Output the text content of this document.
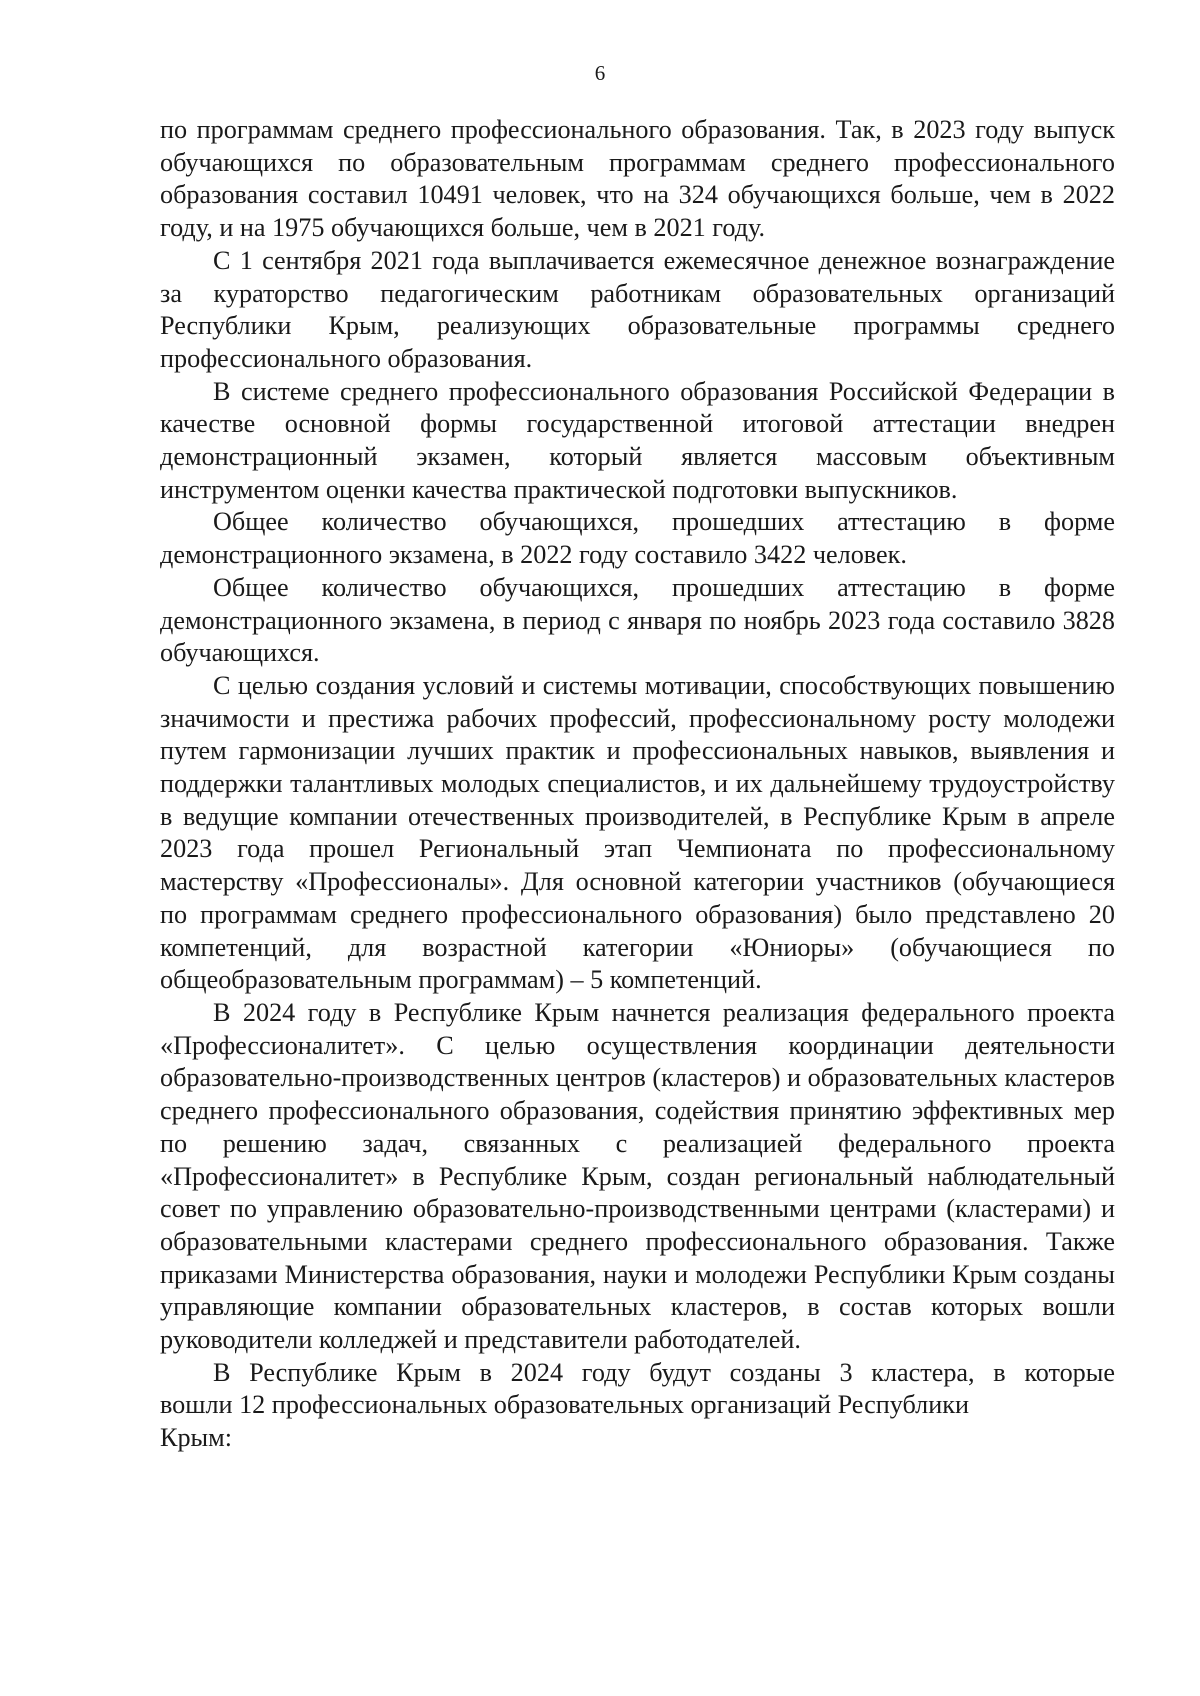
6

по программам среднего профессионального образования. Так, в 2023 году выпуск обучающихся по образовательным программам среднего профессионального образования составил 10491 человек, что на 324 обучающихся больше, чем в 2022 году, и на 1975 обучающихся больше, чем в 2021 году.

С 1 сентября 2021 года выплачивается ежемесячное денежное вознаграждение за кураторство педагогическим работникам образовательных организаций Республики Крым, реализующих образовательные программы среднего профессионального образования.

В системе среднего профессионального образования Российской Федерации в качестве основной формы государственной итоговой аттестации внедрен демонстрационный экзамен, который является массовым объективным инструментом оценки качества практической подготовки выпускников.

Общее количество обучающихся, прошедших аттестацию в форме демонстрационного экзамена, в 2022 году составило 3422 человек.

Общее количество обучающихся, прошедших аттестацию в форме демонстрационного экзамена, в период с января по ноябрь 2023 года составило 3828 обучающихся.

С целью создания условий и системы мотивации, способствующих повышению значимости и престижа рабочих профессий, профессиональному росту молодежи путем гармонизации лучших практик и профессиональных навыков, выявления и поддержки талантливых молодых специалистов, и их дальнейшему трудоустройству в ведущие компании отечественных производителей, в Республике Крым в апреле 2023 года прошел Региональный этап Чемпионата по профессиональному мастерству «Профессионалы». Для основной категории участников (обучающиеся по программам среднего профессионального образования) было представлено 20 компетенций, для возрастной категории «Юниоры» (обучающиеся по общеобразовательным программам) – 5 компетенций.

В 2024 году в Республике Крым начнется реализация федерального проекта «Профессионалитет». С целью осуществления координации деятельности образовательно-производственных центров (кластеров) и образовательных кластеров среднего профессионального образования, содействия принятию эффективных мер по решению задач, связанных с реализацией федерального проекта «Профессионалитет» в Республике Крым, создан региональный наблюдательный совет по управлению образовательно-производственными центрами (кластерами) и образовательными кластерами среднего профессионального образования. Также приказами Министерства образования, науки и молодежи Республики Крым созданы управляющие компании образовательных кластеров, в состав которых вошли руководители колледжей и представители работодателей.

В Республике Крым в 2024 году будут созданы 3 кластера, в которые
вошли 12 профессиональных образовательных организаций Республики
Крым:
